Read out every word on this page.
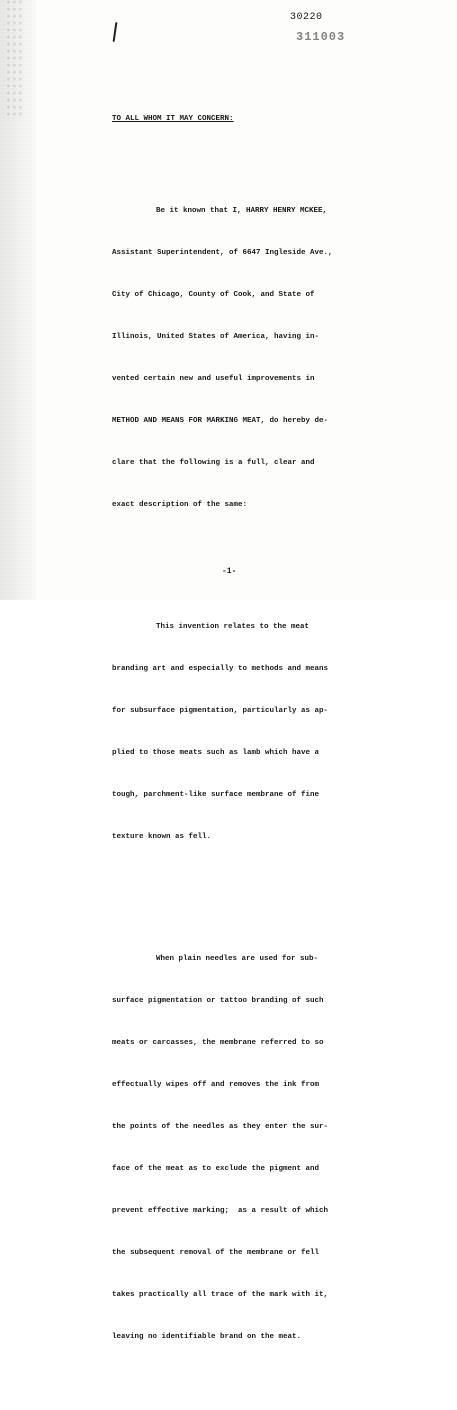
30220
311003

TO ALL WHOM IT MAY CONCERN:

Be it known that I, HARRY HENRY MCKEE,

Assistant Superintendent, of 6647 Ingleside Ave.,

City of Chicago, County of Cook, and State of

Illinois, United States of America, having in-

vented certain new and useful improvements in

METHOD AND MEANS FOR MARKING MEAT, do hereby de-

clare that the following is a full, clear and

exact description of the same:

This invention relates to the meat

branding art and especially to methods and means

for subsurface pigmentation, particularly as ap-

plied to those meats such as lamb which have a

tough, parchment-like surface membrane of fine

texture known as fell.

When plain needles are used for sub-

surface pigmentation or tattoo branding of such

meats or carcasses, the membrane referred to so

effectually wipes off and removes the ink from

the points of the needles as they enter the sur-

face of the meat as to exclude the pigment and

prevent effective marking;  as a result of which

the subsequent removal of the membrane or fell

takes practically all trace of the mark with it,

leaving no identifiable brand on the meat.

-1-
